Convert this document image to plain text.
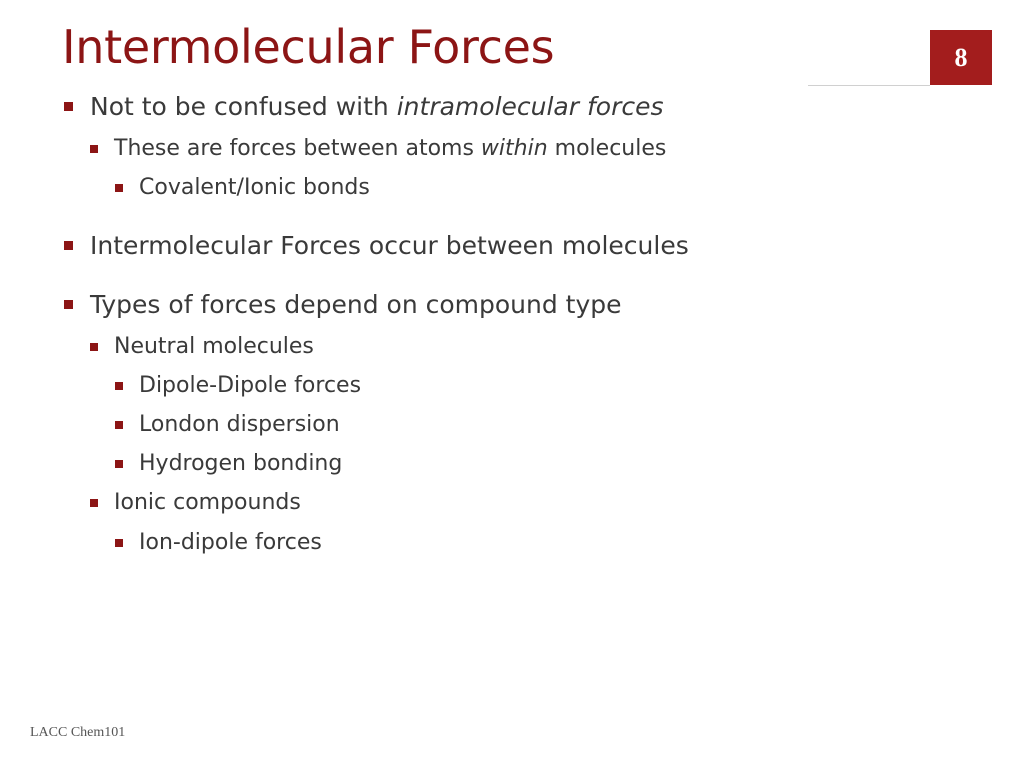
Intermolecular Forces	8
Not to be confused with intramolecular forces
These are forces between atoms within molecules
Covalent/Ionic bonds
Intermolecular Forces occur between molecules
Types of forces depend on compound type
Neutral molecules
Dipole-Dipole forces
London dispersion
Hydrogen bonding
Ionic compounds
Ion-dipole forces
LACC Chem101
